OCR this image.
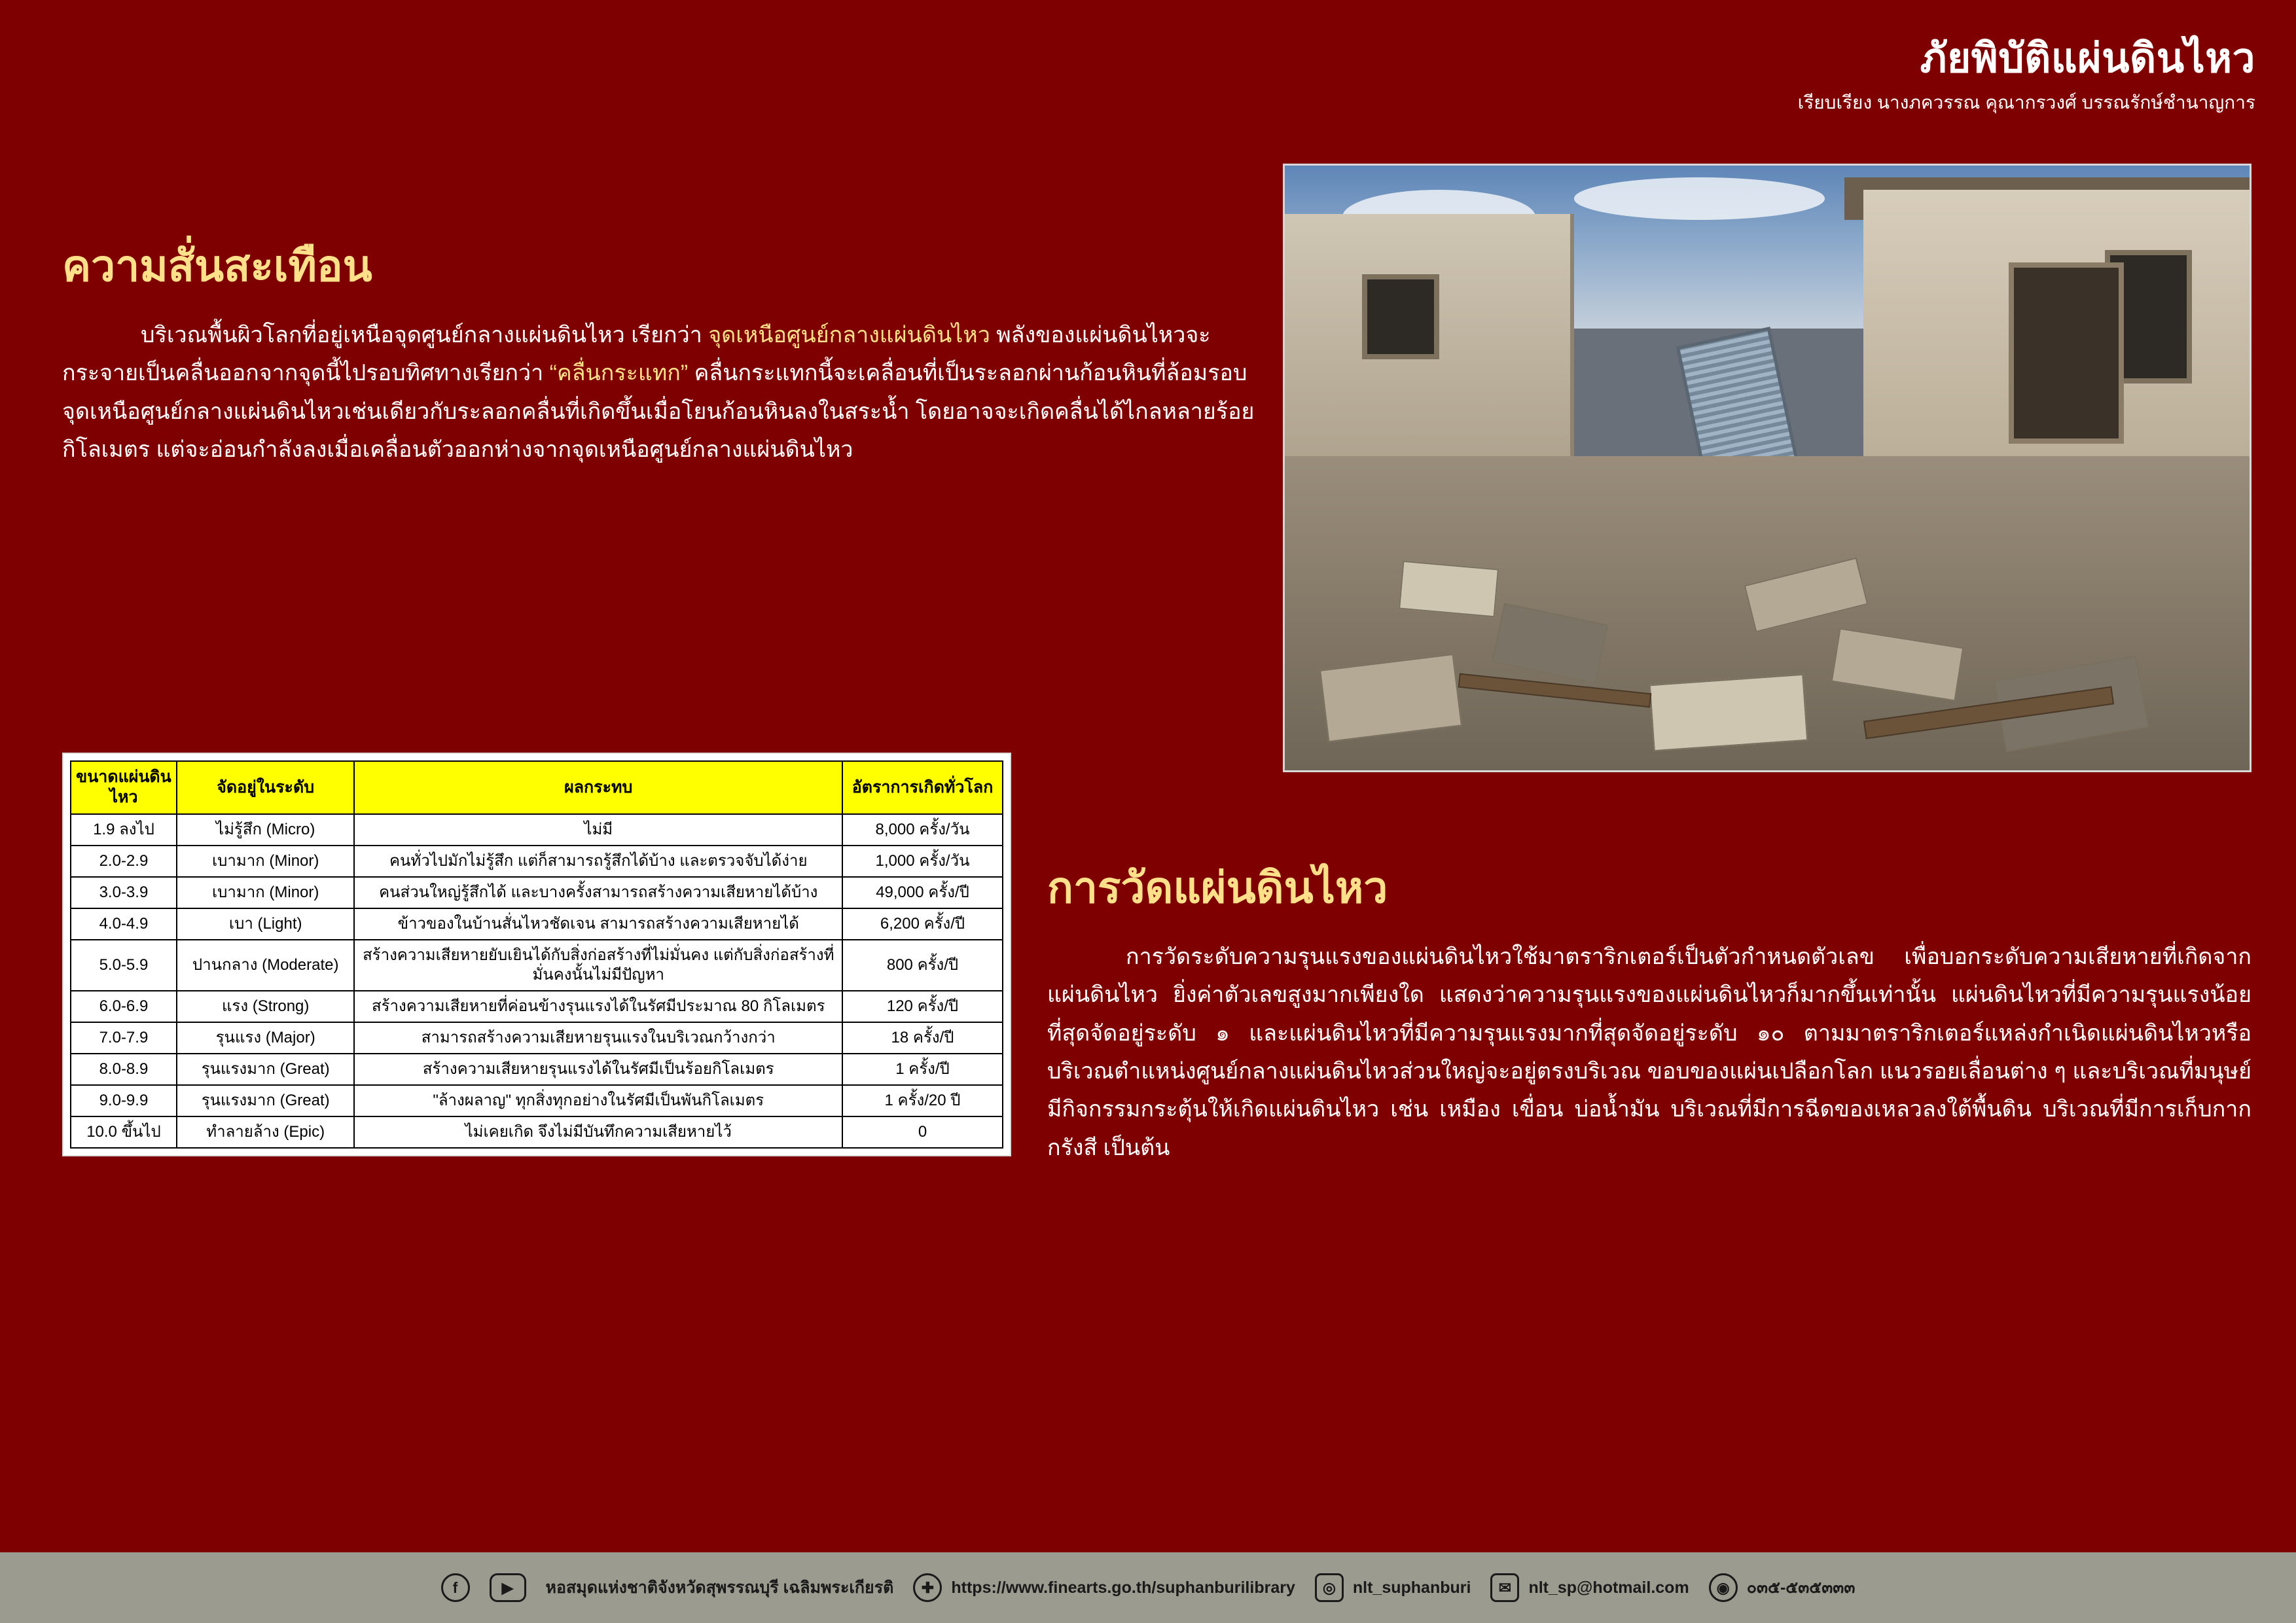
ภัยพิบัติแผ่นดินไหว
เรียบเรียง นางภควรรณ คุณากรวงศ์ บรรณรักษ์ชำนาญการ
ความสั่นสะเทือน

บริเวณพื้นผิวโลกที่อยู่เหนือจุดศูนย์กลางแผ่นดินไหว เรียกว่า จุดเหนือศูนย์กลางแผ่นดินไหว พลังของแผ่นดินไหวจะกระจายเป็นคลื่นออกจากจุดนี้ไปรอบทิศทางเรียกว่า “คลื่นกระแทก” คลื่นกระแทกนี้จะเคลื่อนที่เป็นระลอกผ่านก้อนหินที่ล้อมรอบจุดเหนือศูนย์กลางแผ่นดินไหวเช่นเดียวกับระลอกคลื่นที่เกิดขึ้นเมื่อโยนก้อนหินลงในสระน้ำ โดยอาจจะเกิดคลื่นได้ไกลหลายร้อยกิโลเมตร แต่จะอ่อนกำลังลงเมื่อเคลื่อนตัวออกห่างจากจุดเหนือศูนย์กลางแผ่นดินไหว

ขนาดแผ่นดินไหว	จัดอยู่ในระดับ	ผลกระทบ	อัตราการเกิดทั่วโลก
1.9 ลงไป	ไม่รู้สึก (Micro)	ไม่มี	8,000 ครั้ง/วัน
2.0-2.9	เบามาก (Minor)	คนทั่วไปมักไม่รู้สึก แต่ก็สามารถรู้สึกได้บ้าง และตรวจจับได้ง่าย	1,000 ครั้ง/วัน
3.0-3.9	เบามาก (Minor)	คนส่วนใหญ่รู้สึกได้ และบางครั้งสามารถสร้างความเสียหายได้บ้าง	49,000 ครั้ง/ปี
4.0-4.9	เบา (Light)	ข้าวของในบ้านสั่นไหวชัดเจน สามารถสร้างความเสียหายได้	6,200 ครั้ง/ปี
5.0-5.9	ปานกลาง (Moderate)	สร้างความเสียหายยับเยินได้กับสิ่งก่อสร้างที่ไม่มั่นคง แต่กับสิ่งก่อสร้างที่มั่นคงนั้นไม่มีปัญหา	800 ครั้ง/ปี
6.0-6.9	แรง (Strong)	สร้างความเสียหายที่ค่อนข้างรุนแรงได้ในรัศมีประมาณ 80 กิโลเมตร	120 ครั้ง/ปี
7.0-7.9	รุนแรง (Major)	สามารถสร้างความเสียหายรุนแรงในบริเวณกว้างกว่า	18 ครั้ง/ปี
8.0-8.9	รุนแรงมาก (Great)	สร้างความเสียหายรุนแรงได้ในรัศมีเป็นร้อยกิโลเมตร	1 ครั้ง/ปี
9.0-9.9	รุนแรงมาก (Great)	"ล้างผลาญ" ทุกสิ่งทุกอย่างในรัศมีเป็นพันกิโลเมตร	1 ครั้ง/20 ปี
10.0 ขึ้นไป	ทำลายล้าง (Epic)	ไม่เคยเกิด จึงไม่มีบันทึกความเสียหายไว้	0
การวัดแผ่นดินไหว

การวัดระดับความรุนแรงของแผ่นดินไหวใช้มาตราริกเตอร์เป็นตัวกำหนดตัวเลข เพื่อบอกระดับความเสียหายที่เกิดจากแผ่นดินไหว ยิ่งค่าตัวเลขสูงมากเพียงใด แสดงว่าความรุนแรงของแผ่นดินไหวก็มากขึ้นเท่านั้น แผ่นดินไหวที่มีความรุนแรงน้อยที่สุดจัดอยู่ระดับ ๑ และแผ่นดินไหวที่มีความรุนแรงมากที่สุดจัดอยู่ระดับ ๑๐ ตามมาตราริกเตอร์แหล่งกำเนิดแผ่นดินไหวหรือบริเวณตำแหน่งศูนย์กลางแผ่นดินไหวส่วนใหญ่จะอยู่ตรงบริเวณ ขอบของแผ่นเปลือกโลก แนวรอยเลื่อนต่าง ๆ และบริเวณที่มนุษย์มีกิจกรรมกระตุ้นให้เกิดแผ่นดินไหว เช่น เหมือง เขื่อน บ่อน้ำมัน บริเวณที่มีการฉีดของเหลวลงใต้พื้นดิน บริเวณที่มีการเก็บกากกรังสี เป็นต้น

f	▶	หอสมุดแห่งชาติจังหวัดสุพรรณบุรี เฉลิมพระเกียรติ	✚	https://www.finearts.go.th/suphanburilibrary	◎	nlt_suphanburi	✉	nlt_sp@hotmail.com	◉	๐๓๕-๕๓๕๓๓๓
